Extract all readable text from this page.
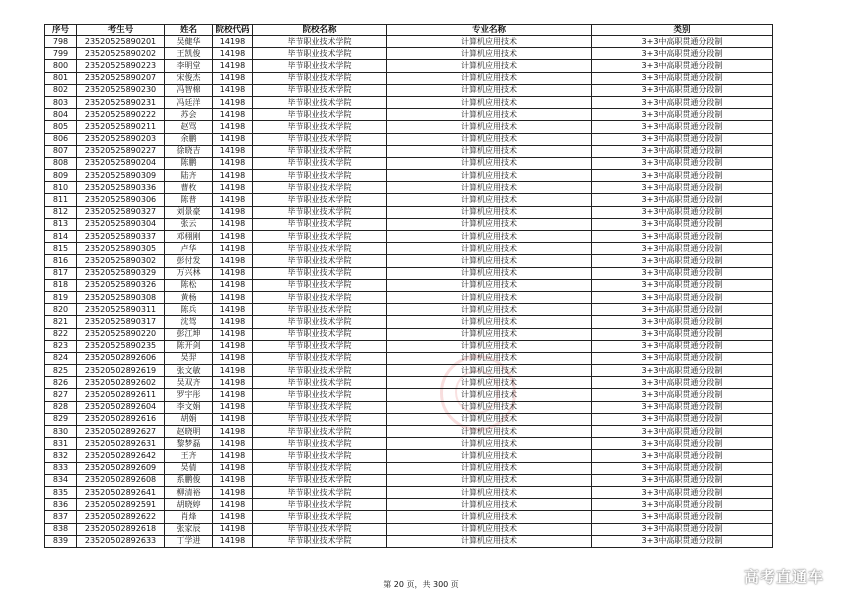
序号	考生号	姓名	院校代码	院校名称	专业名称	类别
798	23520525890201	吴健华	14198	毕节职业技术学院	计算机应用技术	3+3中高职贯通分段制
799	23520525890202	王凯俊	14198	毕节职业技术学院	计算机应用技术	3+3中高职贯通分段制
800	23520525890223	李明堂	14198	毕节职业技术学院	计算机应用技术	3+3中高职贯通分段制
801	23520525890207	宋俊杰	14198	毕节职业技术学院	计算机应用技术	3+3中高职贯通分段制
802	23520525890230	冯智棉	14198	毕节职业技术学院	计算机应用技术	3+3中高职贯通分段制
803	23520525890231	冯廷洋	14198	毕节职业技术学院	计算机应用技术	3+3中高职贯通分段制
804	23520525890222	苏会	14198	毕节职业技术学院	计算机应用技术	3+3中高职贯通分段制
805	23520525890211	赵骂	14198	毕节职业技术学院	计算机应用技术	3+3中高职贯通分段制
806	23520525890203	余鹏	14198	毕节职业技术学院	计算机应用技术	3+3中高职贯通分段制
807	23520525890227	徐晓吉	14198	毕节职业技术学院	计算机应用技术	3+3中高职贯通分段制
808	23520525890204	陈鹏	14198	毕节职业技术学院	计算机应用技术	3+3中高职贯通分段制
809	23520525890309	陆齐	14198	毕节职业技术学院	计算机应用技术	3+3中高职贯通分段制
810	23520525890336	曹枚	14198	毕节职业技术学院	计算机应用技术	3+3中高职贯通分段制
811	23520525890306	陈普	14198	毕节职业技术学院	计算机应用技术	3+3中高职贯通分段制
812	23520525890327	刘景豪	14198	毕节职业技术学院	计算机应用技术	3+3中高职贯通分段制
813	23520525890304	张云	14198	毕节职业技术学院	计算机应用技术	3+3中高职贯通分段制
814	23520525890337	邓栩刚	14198	毕节职业技术学院	计算机应用技术	3+3中高职贯通分段制
815	23520525890305	卢华	14198	毕节职业技术学院	计算机应用技术	3+3中高职贯通分段制
816	23520525890302	彭付发	14198	毕节职业技术学院	计算机应用技术	3+3中高职贯通分段制
817	23520525890329	万兴林	14198	毕节职业技术学院	计算机应用技术	3+3中高职贯通分段制
818	23520525890326	陈松	14198	毕节职业技术学院	计算机应用技术	3+3中高职贯通分段制
819	23520525890308	黄杨	14198	毕节职业技术学院	计算机应用技术	3+3中高职贯通分段制
820	23520525890311	陈兵	14198	毕节职业技术学院	计算机应用技术	3+3中高职贯通分段制
821	23520525890317	沈驾	14198	毕节职业技术学院	计算机应用技术	3+3中高职贯通分段制
822	23520525890220	彭江坤	14198	毕节职业技术学院	计算机应用技术	3+3中高职贯通分段制
823	23520525890235	陈开剑	14198	毕节职业技术学院	计算机应用技术	3+3中高职贯通分段制
824	23520502892606	吴羿	14198	毕节职业技术学院	计算机应用技术	3+3中高职贯通分段制
825	23520502892619	张文敏	14198	毕节职业技术学院	计算机应用技术	3+3中高职贯通分段制
826	23520502892602	吴双齐	14198	毕节职业技术学院	计算机应用技术	3+3中高职贯通分段制
827	23520502892611	罗宇彤	14198	毕节职业技术学院	计算机应用技术	3+3中高职贯通分段制
828	23520502892604	李文娟	14198	毕节职业技术学院	计算机应用技术	3+3中高职贯通分段制
829	23520502892616	胡娟	14198	毕节职业技术学院	计算机应用技术	3+3中高职贯通分段制
830	23520502892627	赵晓明	14198	毕节职业技术学院	计算机应用技术	3+3中高职贯通分段制
831	23520502892631	黎梦磊	14198	毕节职业技术学院	计算机应用技术	3+3中高职贯通分段制
832	23520502892642	王齐	14198	毕节职业技术学院	计算机应用技术	3+3中高职贯通分段制
833	23520502892609	吴倩	14198	毕节职业技术学院	计算机应用技术	3+3中高职贯通分段制
834	23520502892608	系鹏俊	14198	毕节职业技术学院	计算机应用技术	3+3中高职贯通分段制
835	23520502892641	柳清裕	14198	毕节职业技术学院	计算机应用技术	3+3中高职贯通分段制
836	23520502892591	胡晓婷	14198	毕节职业技术学院	计算机应用技术	3+3中高职贯通分段制
837	23520502892622	肖烽	14198	毕节职业技术学院	计算机应用技术	3+3中高职贯通分段制
838	23520502892618	张家辰	14198	毕节职业技术学院	计算机应用技术	3+3中高职贯通分段制
839	23520502892633	丁学进	14198	毕节职业技术学院	计算机应用技术	3+3中高职贯通分段制
第 20 页，共 300 页	高考直通车
